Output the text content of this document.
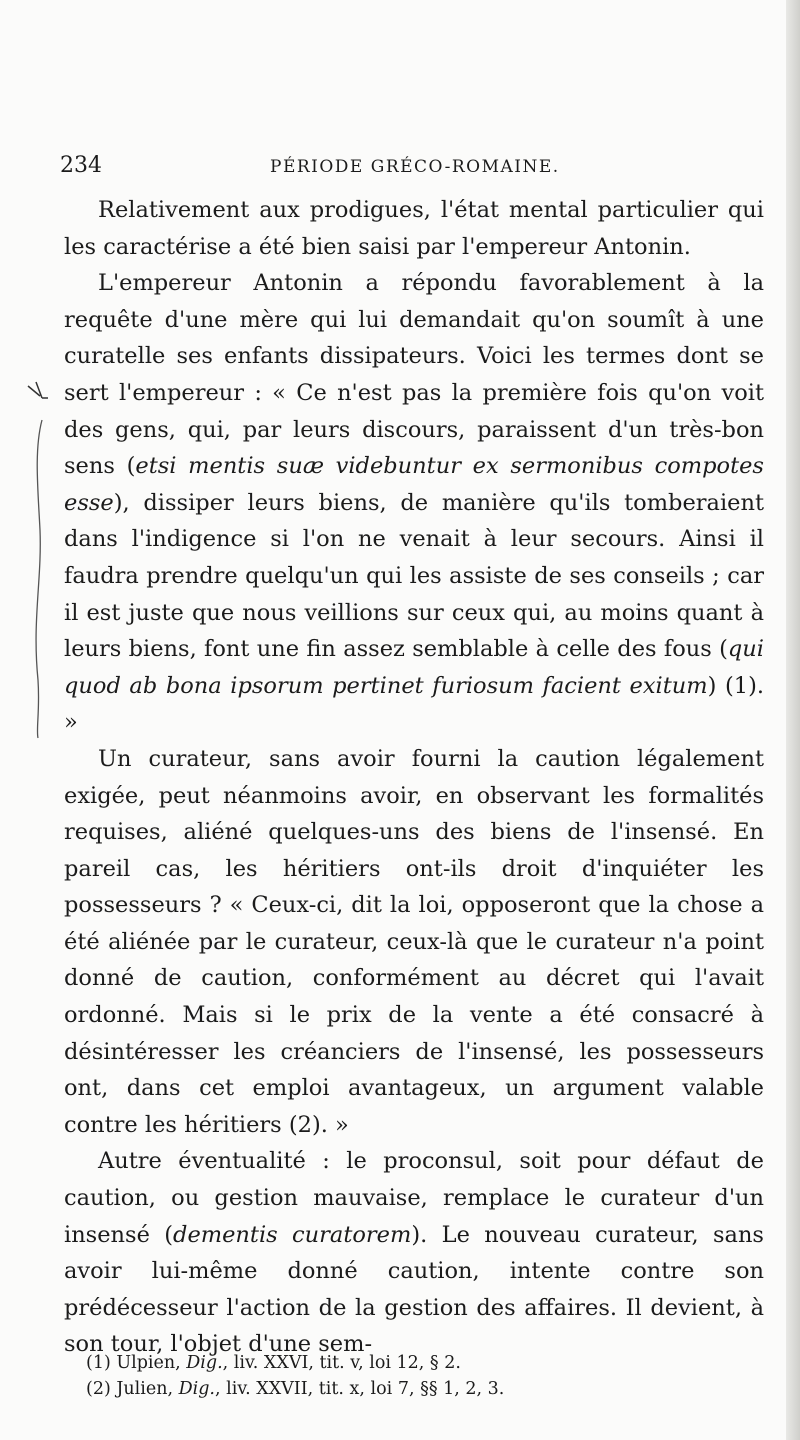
234	PÉRIODE GRÉCO-ROMAINE.

Relativement aux prodigues, l'état mental particulier qui les caractérise a été bien saisi par l'empereur Antonin.

L'empereur Antonin a répondu favorablement à la requête d'une mère qui lui demandait qu'on soumît à une curatelle ses enfants dissipateurs. Voici les termes dont se sert l'empereur : « Ce n'est pas la première fois qu'on voit des gens, qui, par leurs discours, paraissent d'un très-bon sens (etsi mentis suæ videbuntur ex sermonibus compotes esse), dissiper leurs biens, de manière qu'ils tomberaient dans l'indigence si l'on ne venait à leur secours. Ainsi il faudra prendre quelqu'un qui les assiste de ses conseils ; car il est juste que nous veillions sur ceux qui, au moins quant à leurs biens, font une fin assez semblable à celle des fous (qui quod ab bona ipsorum pertinet furiosum facient exitum) (1). »

Un curateur, sans avoir fourni la caution légalement exigée, peut néanmoins avoir, en observant les formalités requises, aliéné quelques-uns des biens de l'insensé. En pareil cas, les héritiers ont-ils droit d'inquiéter les possesseurs ? « Ceux-ci, dit la loi, opposeront que la chose a été aliénée par le curateur, ceux-là que le curateur n'a point donné de caution, conformément au décret qui l'avait ordonné. Mais si le prix de la vente a été consacré à désintéresser les créanciers de l'insensé, les possesseurs ont, dans cet emploi avantageux, un argument valable contre les héritiers (2). »

Autre éventualité : le proconsul, soit pour défaut de caution, ou gestion mauvaise, remplace le curateur d'un insensé (dementis curatorem). Le nouveau curateur, sans avoir lui-même donné caution, intente contre son prédécesseur l'action de la gestion des affaires. Il devient, à son tour, l'objet d'une sem-

(1) Ulpien, Dig., liv. XXVI, tit. v, loi 12, § 2.

(2) Julien, Dig., liv. XXVII, tit. x, loi 7, §§ 1, 2, 3.
